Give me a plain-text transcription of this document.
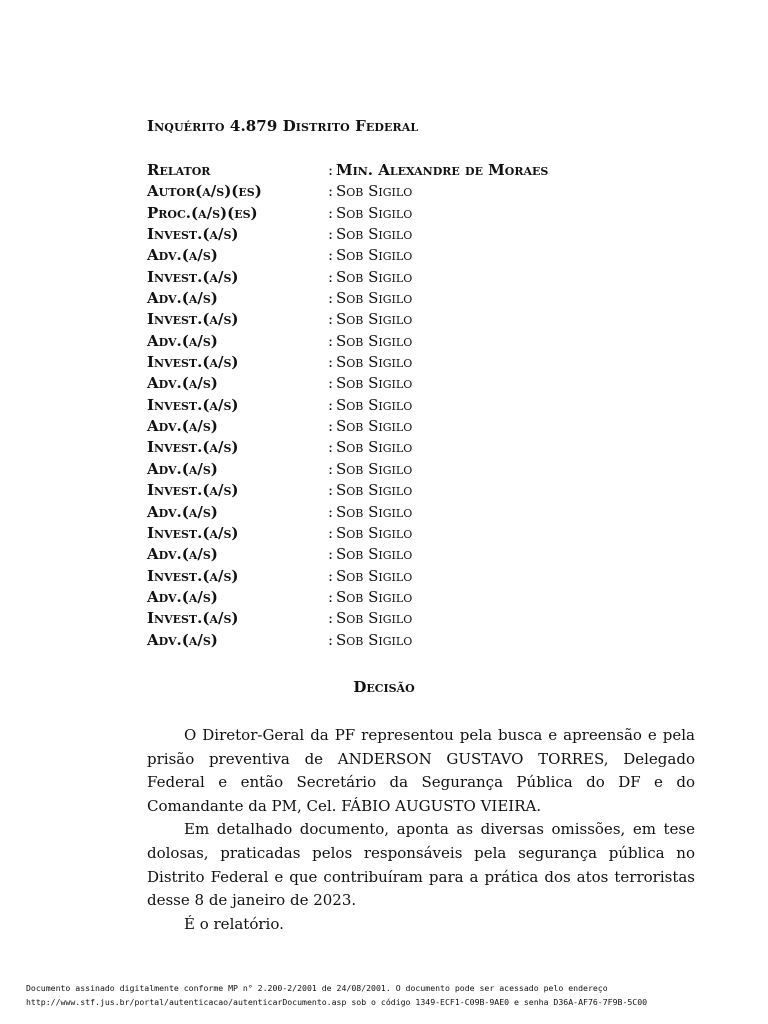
Inquérito 4.879 Distrito Federal
Relator	: Min. Alexandre de Moraes
Autor(a/s)(es)	: Sob Sigilo
Proc.(a/s)(es)	: Sob Sigilo
Invest.(a/s)	: Sob Sigilo
Adv.(a/s)	: Sob Sigilo
Invest.(a/s)	: Sob Sigilo
Adv.(a/s)	: Sob Sigilo
Invest.(a/s)	: Sob Sigilo
Adv.(a/s)	: Sob Sigilo
Invest.(a/s)	: Sob Sigilo
Adv.(a/s)	: Sob Sigilo
Invest.(a/s)	: Sob Sigilo
Adv.(a/s)	: Sob Sigilo
Invest.(a/s)	: Sob Sigilo
Adv.(a/s)	: Sob Sigilo
Invest.(a/s)	: Sob Sigilo
Adv.(a/s)	: Sob Sigilo
Invest.(a/s)	: Sob Sigilo
Adv.(a/s)	: Sob Sigilo
Invest.(a/s)	: Sob Sigilo
Adv.(a/s)	: Sob Sigilo
Invest.(a/s)	: Sob Sigilo
Adv.(a/s)	: Sob Sigilo
Decisão

O Diretor-Geral da PF representou pela busca e apreensão e pela prisão preventiva de ANDERSON GUSTAVO TORRES, Delegado Federal e então Secretário da Segurança Pública do DF e do Comandante da PM, Cel. FÁBIO AUGUSTO VIEIRA.

Em detalhado documento, aponta as diversas omissões, em tese dolosas, praticadas pelos responsáveis pela segurança pública no Distrito Federal e que contribuíram para a prática dos atos terroristas desse 8 de janeiro de 2023.

É o relatório.

Documento assinado digitalmente conforme MP n° 2.200-2/2001 de 24/08/2001. O documento pode ser acessado pelo endereço
http://www.stf.jus.br/portal/autenticacao/autenticarDocumento.asp sob o código 1349-ECF1-C09B-9AE0 e senha D36A-AF76-7F9B-5C00
